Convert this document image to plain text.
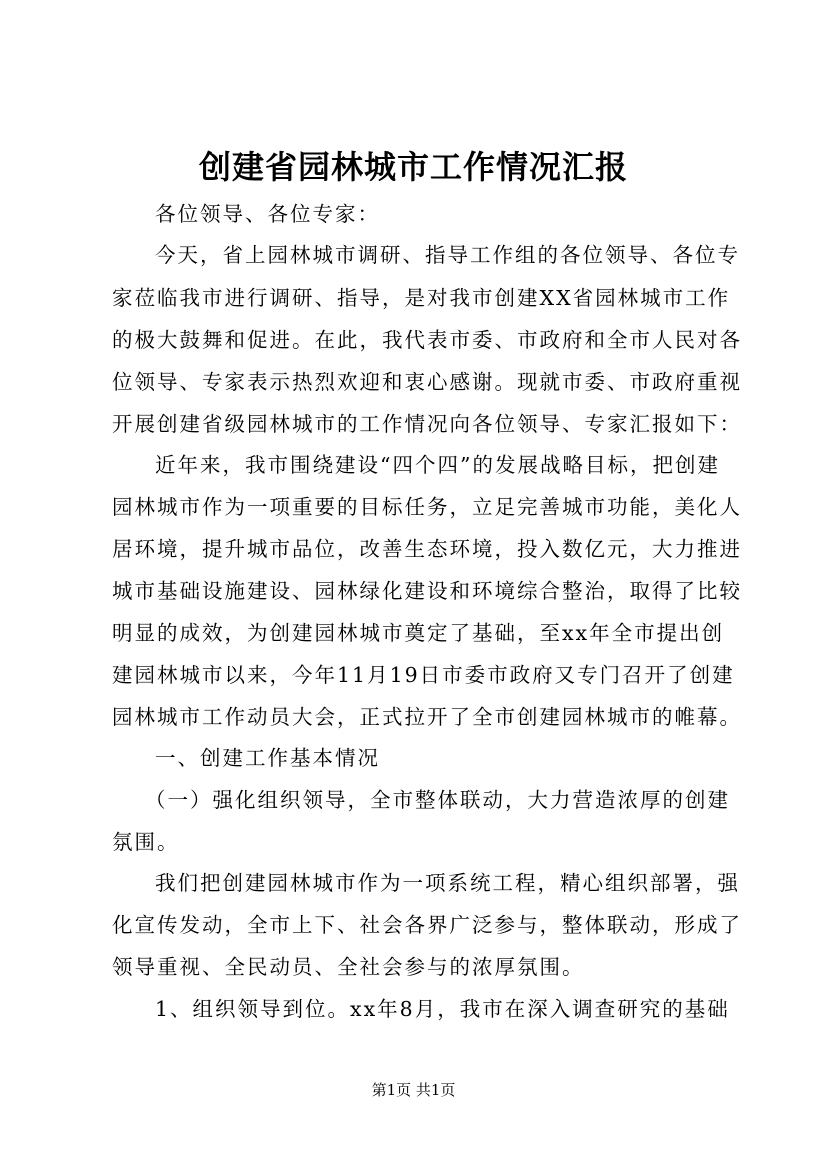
创建省园林城市工作情况汇报

各位领导、各位专家：

今天，省上园林城市调研、指导工作组的各位领导、各位专

家莅临我市进行调研、指导，是对我市创建XX省园林城市工作

的极大鼓舞和促进。在此，我代表市委、市政府和全市人民对各

位领导、专家表示热烈欢迎和衷心感谢。现就市委、市政府重视

开展创建省级园林城市的工作情况向各位领导、专家汇报如下：

近年来，我市围绕建设“四个四”的发展战略目标，把创建

园林城市作为一项重要的目标任务，立足完善城市功能，美化人

居环境，提升城市品位，改善生态环境，投入数亿元，大力推进

城市基础设施建设、园林绿化建设和环境综合整治，取得了比较

明显的成效，为创建园林城市奠定了基础，至xx年全市提出创

建园林城市以来，今年11月19日市委市政府又专门召开了创建

园林城市工作动员大会，正式拉开了全市创建园林城市的帷幕。

一、创建工作基本情况

（一）强化组织领导，全市整体联动，大力营造浓厚的创建

氛围。

我们把创建园林城市作为一项系统工程，精心组织部署，强

化宣传发动，全市上下、社会各界广泛参与，整体联动，形成了

领导重视、全民动员、全社会参与的浓厚氛围。

1、组织领导到位。xx年8月，我市在深入调查研究的基础

第1页 共1页
